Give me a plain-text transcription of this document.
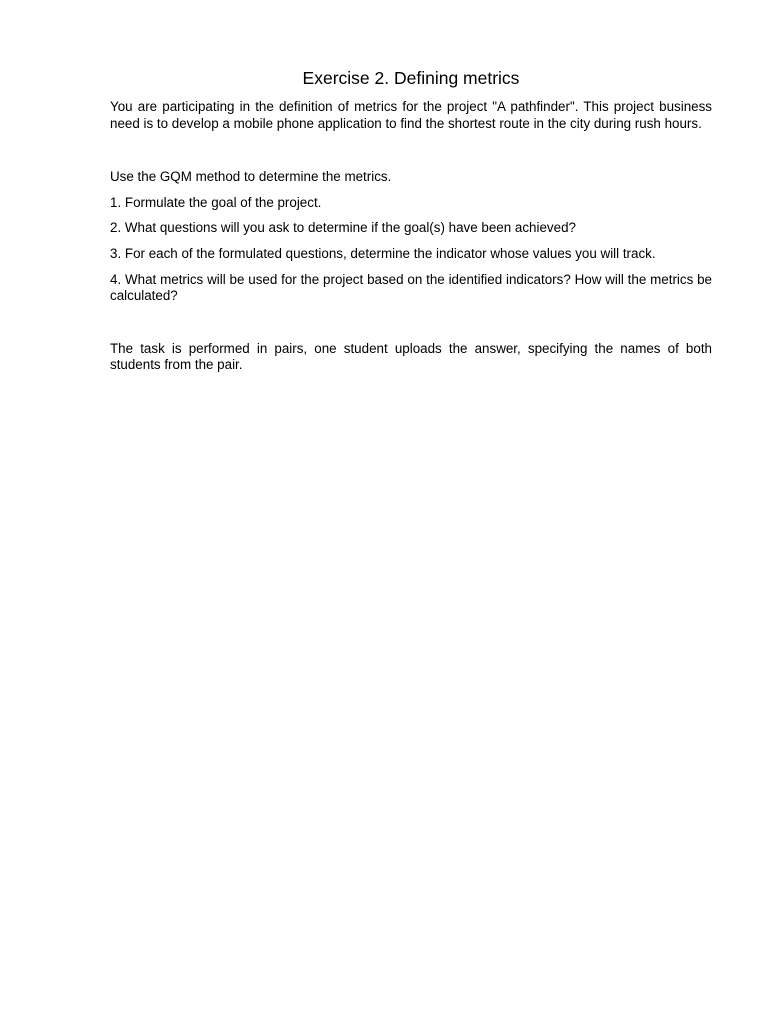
Exercise 2. Defining metrics

You are participating in the definition of metrics for the project "A pathfinder". This project business need is to develop a mobile phone application to find the shortest route in the city during rush hours.

Use the GQM method to determine the metrics.

1. Formulate the goal of the project.

2. What questions will you ask to determine if the goal(s) have been achieved?

3. For each of the formulated questions, determine the indicator whose values you will track.

4. What metrics will be used for the project based on the identified indicators? How will the metrics be calculated?

The task is performed in pairs, one student uploads the answer, specifying the names of both students from the pair.
